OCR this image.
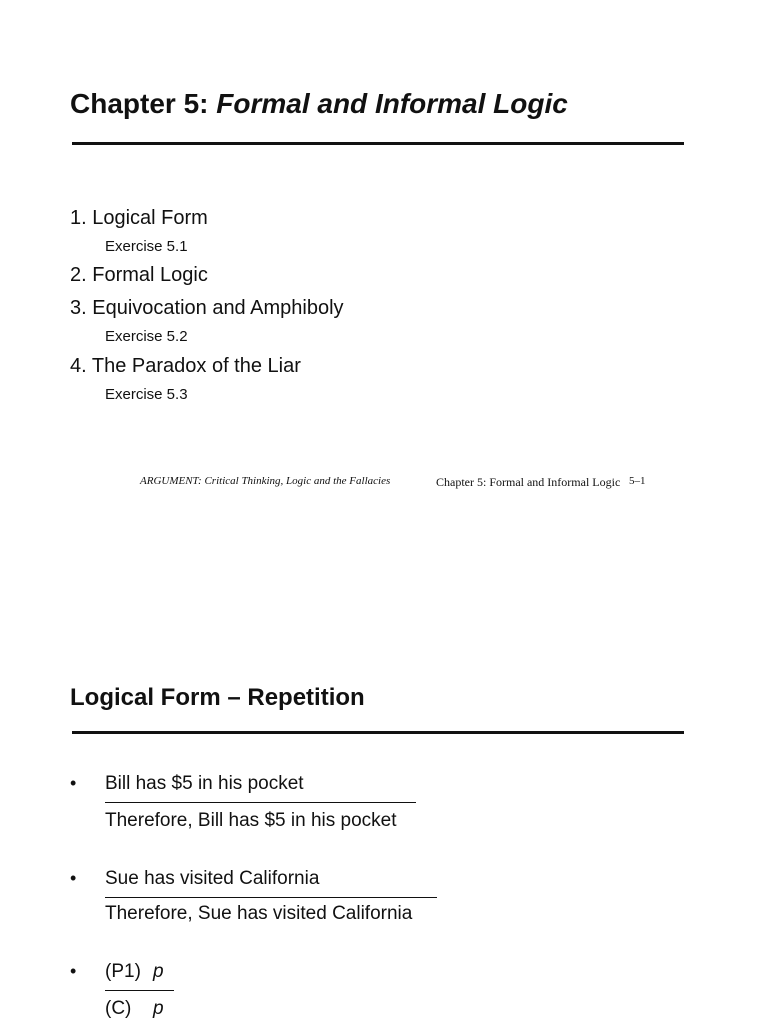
Chapter 5: Formal and Informal Logic
1. Logical Form
Exercise 5.1
2. Formal Logic
3. Equivocation and Amphiboly
Exercise 5.2
4. The Paradox of the Liar
Exercise 5.3
ARGUMENT: Critical Thinking, Logic and the Fallacies	Chapter 5: Formal and Informal Logic 5–1
Logical Form – Repetition
• Bill has $5 in his pocket
Therefore, Bill has $5 in his pocket
• Sue has visited California
Therefore, Sue has visited California
• (P1) p
(C) p
